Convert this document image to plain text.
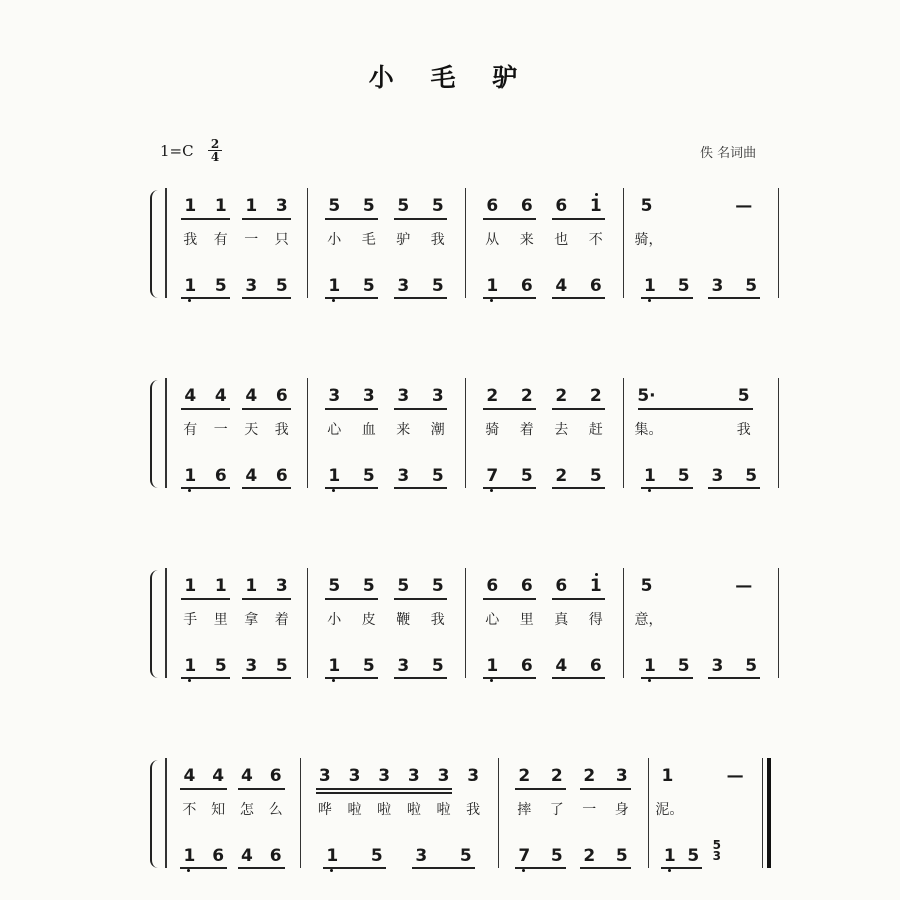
小 毛 驴
1=C 2
4	佚 名词曲
1 1 1 3
我	有	一	只
1 5 3 5
5 5 5 5
小	毛	驴	我
1 5 3 5
6 6 6 1
从	来	也	不
1 6 4 6
5	—
骑，
1 5 3 5
4 4 4 6
有	一	天	我
1 6 4 6
3 3 3 3
心	血	来	潮
1 5 3 5
2 2 2 2
骑	着	去	赶
7 5 2 5
5·	5
集。	我
1 5 3 5
1 1 1 3
手	里	拿	着
1 5 3 5
5 5 5 5
小	皮	鞭	我
1 5 3 5
6 6 6 1
心	里	真	得
1 6 4 6
5	—
意，
1 5 3 5
4 4 4 6
不	知	怎	么
1 6 4 6
3 3 3 3 3 3
哗	啦	啦	啦	啦	我
1 5 3 5
2 2 2 3
摔	了	一	身
7 5 2 5
1	—
泥。
1 5
5
3
